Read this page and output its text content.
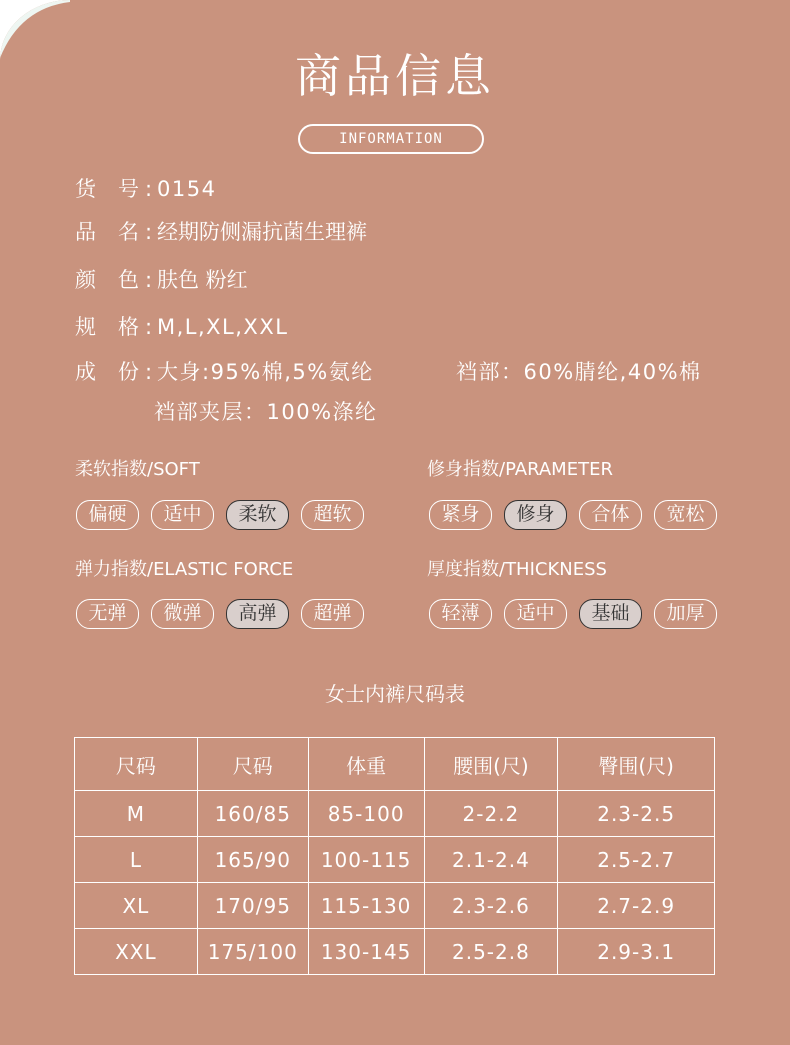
商品信息
INFORMATION
货 号 : 0154
品 名 : 经期防侧漏抗菌生理裤
颜 色 : 肤色 粉红
规 格 : M,L,XL,XXL
成 份 : 大身:95%棉,5%氨纶	裆部：60%腈纶,40%棉
裆部夹层：100%涤纶
柔软指数/SOFT
偏硬	适中	柔软	超软
修身指数/PARAMETER
紧身	修身	合体	宽松
弹力指数/ELASTIC FORCE
无弹	微弹	高弹	超弹
厚度指数/THICKNESS
轻薄	适中	基础	加厚
女士内裤尺码表
尺码	尺码	体重	腰围(尺)	臀围(尺)
M	160/85	85-100	2-2.2	2.3-2.5
L	165/90	100-115	2.1-2.4	2.5-2.7
XL	170/95	115-130	2.3-2.6	2.7-2.9
XXL	175/100	130-145	2.5-2.8	2.9-3.1
